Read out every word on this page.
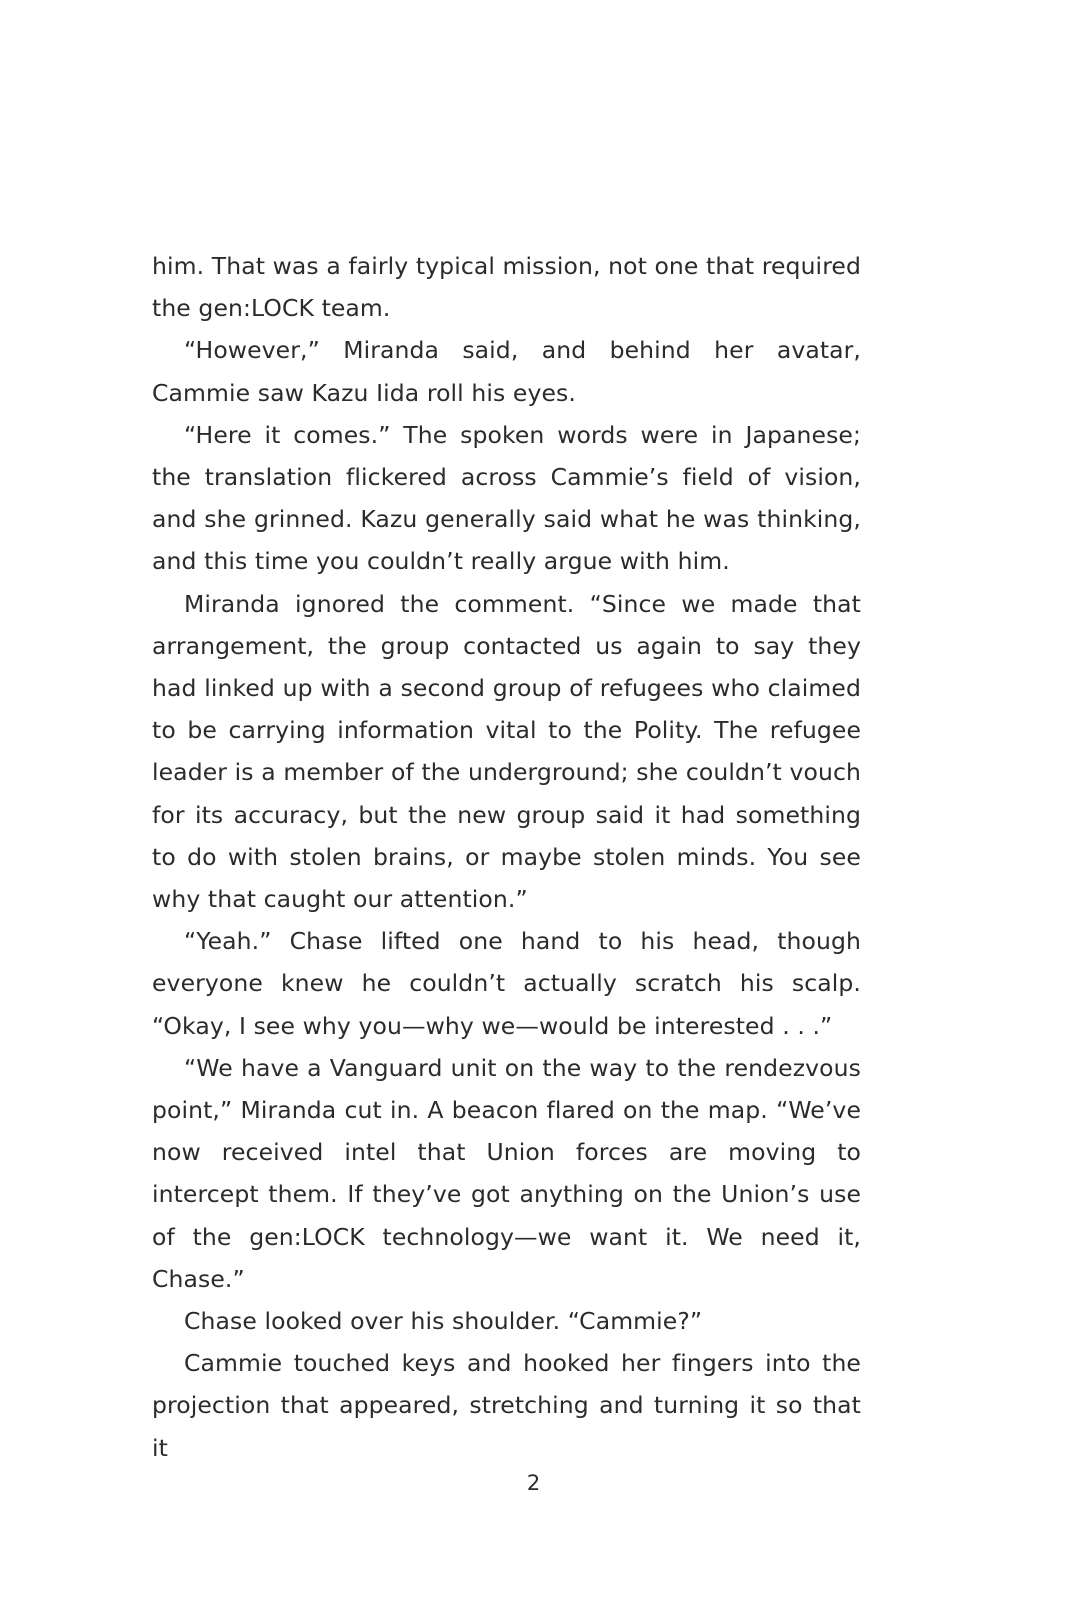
him. That was a fairly typical mission, not one that required the gen:LOCK team.

“However,” Miranda said, and behind her avatar, Cammie saw Kazu Iida roll his eyes.

“Here it comes.” The spoken words were in Japanese; the translation flickered across Cammie’s field of vision, and she grinned. Kazu generally said what he was thinking, and this time you couldn’t really argue with him.

Miranda ignored the comment. “Since we made that arrangement, the group contacted us again to say they had linked up with a second group of refugees who claimed to be carrying information vital to the Polity. The refugee leader is a member of the underground; she couldn’t vouch for its accuracy, but the new group said it had something to do with stolen brains, or maybe stolen minds. You see why that caught our attention.”

“Yeah.” Chase lifted one hand to his head, though everyone knew he couldn’t actually scratch his scalp. “Okay, I see why you—why we—would be interested . . .”

“We have a Vanguard unit on the way to the rendezvous point,” Miranda cut in. A beacon flared on the map. “We’ve now received intel that Union forces are moving to intercept them. If they’ve got anything on the Union’s use of the gen:LOCK technology—we want it. We need it, Chase.”

Chase looked over his shoulder. “Cammie?”

Cammie touched keys and hooked her fingers into the projection that appeared, stretching and turning it so that it

2
